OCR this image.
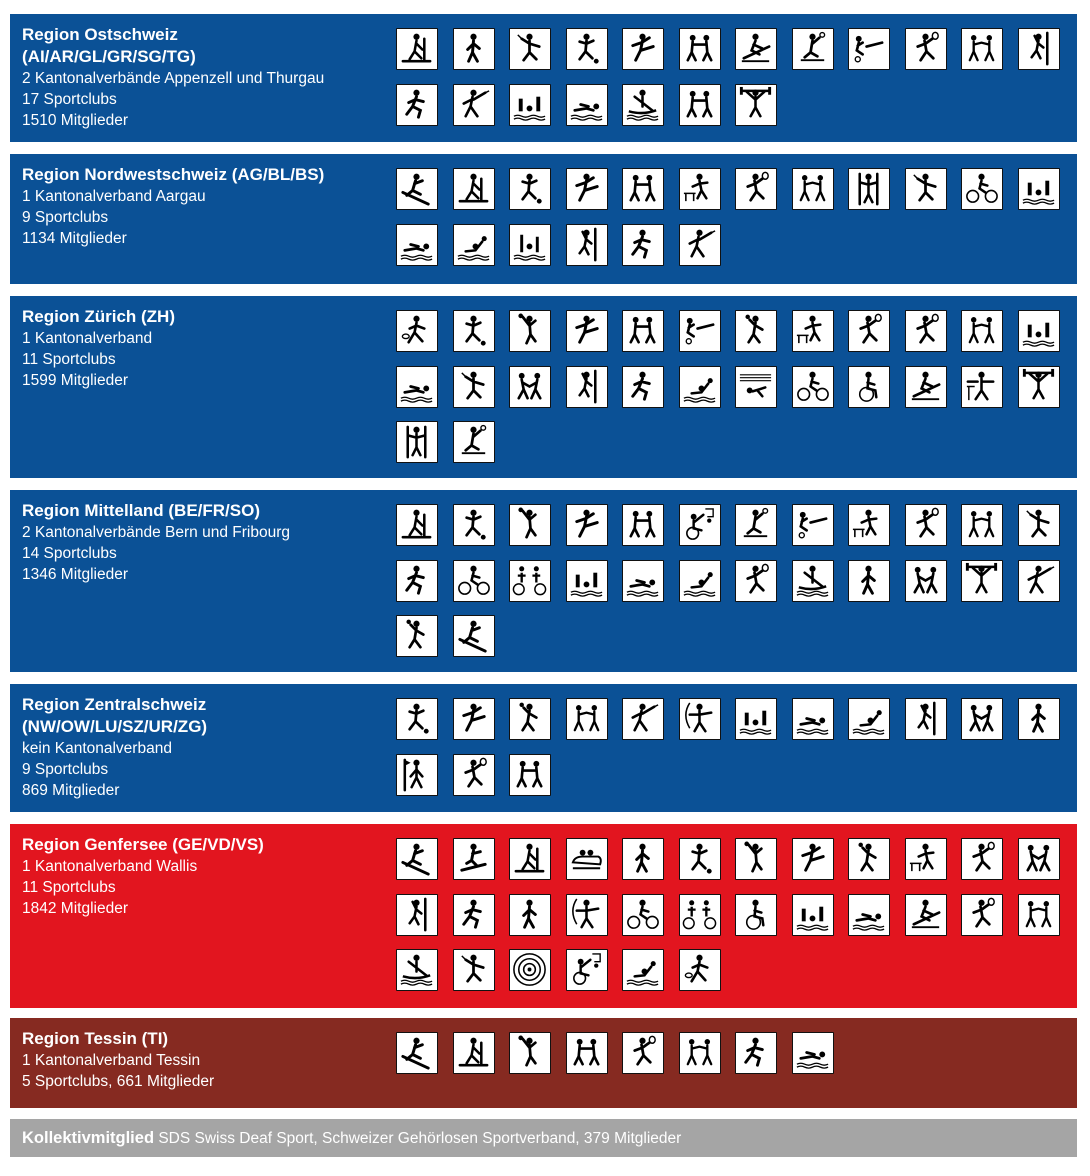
Region Ostschweiz
(AI/AR/GL/GR/SG/TG)
2 Kantonalverbände Appenzell und Thurgau
17 Sportclubs
1510 Mitglieder
Region Nordwestschweiz (AG/BL/BS)
1 Kantonalverband Aargau
9 Sportclubs
1134 Mitglieder
Region Zürich (ZH)
1 Kantonalverband
11 Sportclubs
1599 Mitglieder
Region Mittelland (BE/FR/SO)
2 Kantonalverbände Bern und Fribourg
14 Sportclubs
1346 Mitglieder
Region Zentralschweiz
(NW/OW/LU/SZ/UR/ZG)
kein Kantonalverband
9 Sportclubs
869 Mitglieder
Region Genfersee (GE/VD/VS)
1 Kantonalverband Wallis
11 Sportclubs
1842 Mitglieder
Region Tessin (TI)
1 Kantonalverband Tessin
5 Sportclubs, 661 Mitglieder
Kollektivmitglied SDS Swiss Deaf Sport, Schweizer Gehörlosen Sportverband, 379 Mitglieder
